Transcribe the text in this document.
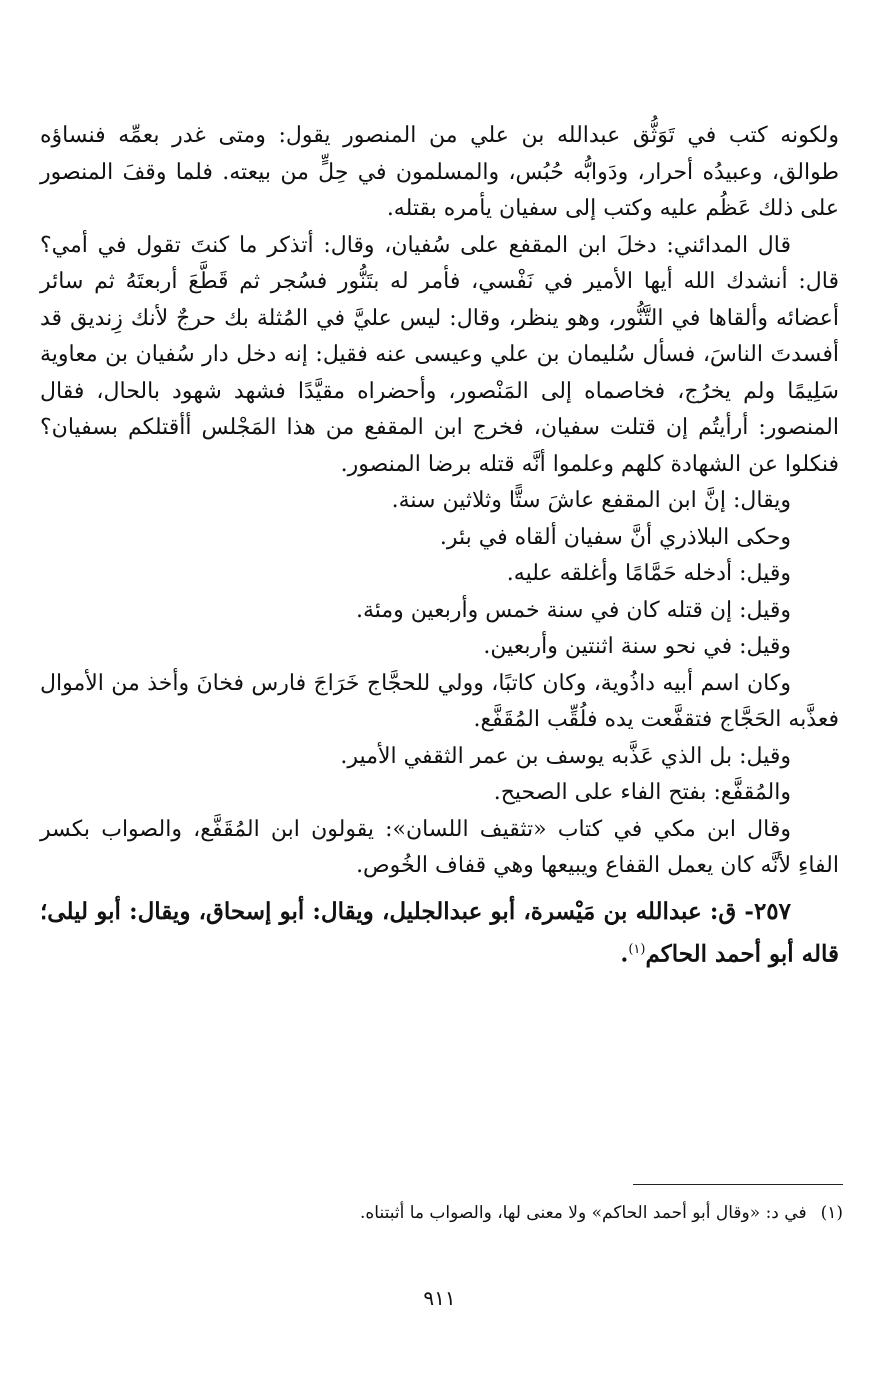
ولكونه كتب في تَوَثُّق عبدالله بن علي من المنصور يقول: ومتى غدر بعمِّه فنساؤه طوالق، وعبيدُه أحرار، ودَوابُّه حُبُس، والمسلمون في حِلٍّ من بيعته. فلما وقفَ المنصور على ذلك عَظُم عليه وكتب إلى سفيان يأمره بقتله.

قال المدائني: دخلَ ابن المقفع على سُفيان، وقال: أتذكر ما كنتَ تقول في أمي؟ قال: أنشدك الله أيها الأمير في نَفْسي، فأمر له بتَنُّور فسُجر ثم قَطَّعَ أربعتَهُ ثم سائر أعضائه وألقاها في التَّنُّور، وهو ينظر، وقال: ليس عليَّ في المُثلة بك حرجٌ لأنك زِنديق قد أفسدتَ الناسَ، فسأل سُليمان بن علي وعيسى عنه فقيل: إنه دخل دار سُفيان بن معاوية سَلِيمًا ولم يخرُج، فخاصماه إلى المَنْصور، وأحضراه مقيَّدًا فشهد شهود بالحال، فقال المنصور: أرأيتُم إن قتلت سفيان، فخرج ابن المقفع من هذا المَجْلس أأقتلكم بسفيان؟ فنكلوا عن الشهادة كلهم وعلموا أنَّه قتله برضا المنصور.

ويقال: إنَّ ابن المقفع عاشَ ستًّا وثلاثين سنة.

وحكى البلاذري أنَّ سفيان ألقاه في بئر.

وقيل: أدخله حَمَّامًا وأغلقه عليه.

وقيل: إن قتله كان في سنة خمس وأربعين ومئة.

وقيل: في نحو سنة اثنتين وأربعين.

وكان اسم أبيه داذُوية، وكان كاتبًا، وولي للحجَّاج خَرَاجَ فارس فخانَ وأخذ من الأموال فعذَّبه الحَجَّاج فتقفَّعت يده فلُقِّب المُقَفَّع.

وقيل: بل الذي عَذَّبه يوسف بن عمر الثقفي الأمير.

والمُقفَّع: بفتح الفاء على الصحيح.

وقال ابن مكي في كتاب «تثقيف اللسان»: يقولون ابن المُقَفَّع، والصواب بكسر الفاءِ لأنَّه كان يعمل القفاع ويبيعها وهي قفاف الخُوص.

٢٥٧- ق: عبدالله بن مَيْسرة، أبو عبدالجليل، ويقال: أبو إسحاق، ويقال: أبو ليلى؛ قاله أبو أحمد الحاكم$^{(١)}$.

(١)في د: «وقال أبو أحمد الحاكم» ولا معنى لها، والصواب ما أثبتناه.
٩١١
